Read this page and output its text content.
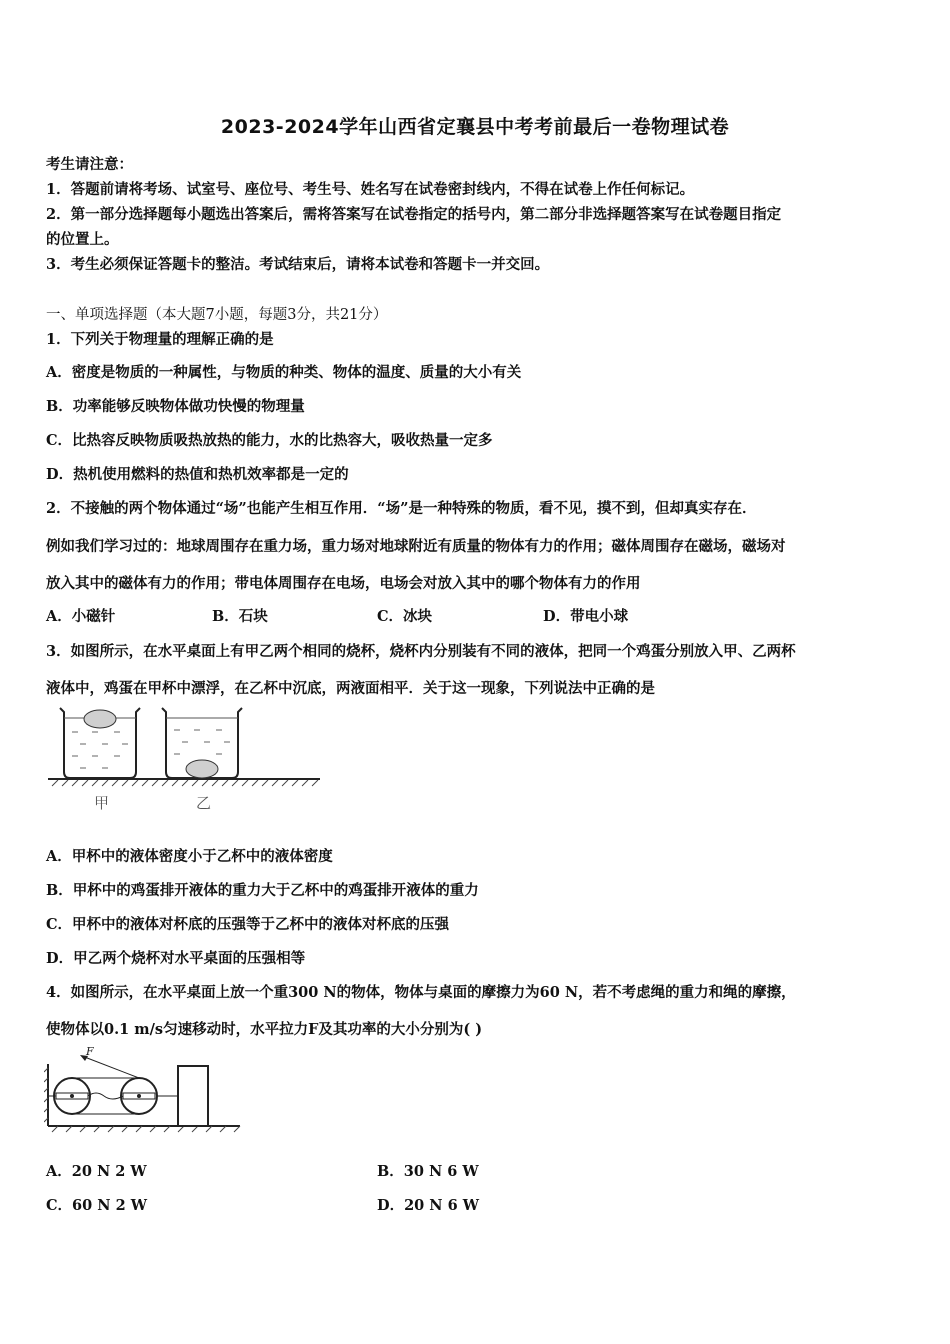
2023-2024学年山西省定襄县中考考前最后一卷物理试卷
考生请注意：
1．答题前请将考场、试室号、座位号、考生号、姓名写在试卷密封线内，不得在试卷上作任何标记。
2．第一部分选择题每小题选出答案后，需将答案写在试卷指定的括号内，第二部分非选择题答案写在试卷题目指定
的位置上。
3．考生必须保证答题卡的整洁。考试结束后，请将本试卷和答题卡一并交回。
一、单项选择题（本大题7小题，每题3分，共21分）
1．下列关于物理量的理解正确的是
A．密度是物质的一种属性，与物质的种类、物体的温度、质量的大小有关
B．功率能够反映物体做功快慢的物理量
C．比热容反映物质吸热放热的能力，水的比热容大，吸收热量一定多
D．热机使用燃料的热值和热机效率都是一定的
2．不接触的两个物体通过“场”也能产生相互作用．“场”是一种特殊的物质，看不见，摸不到，但却真实存在．
例如我们学习过的：地球周围存在重力场，重力场对地球附近有质量的物体有力的作用；磁体周围存在磁场，磁场对
放入其中的磁体有力的作用；带电体周围存在电场，电场会对放入其中的哪个物体有力的作用
A．小磁针	B．石块	C．冰块	D．带电小球
3．如图所示，在水平桌面上有甲乙两个相同的烧杯，烧杯内分别装有不同的液体，把同一个鸡蛋分别放入甲、乙两杯
液体中，鸡蛋在甲杯中漂浮，在乙杯中沉底，两液面相平．关于这一现象，下列说法中正确的是
甲	乙
A．甲杯中的液体密度小于乙杯中的液体密度
B．甲杯中的鸡蛋排开液体的重力大于乙杯中的鸡蛋排开液体的重力
C．甲杯中的液体对杯底的压强等于乙杯中的液体对杯底的压强
D．甲乙两个烧杯对水平桌面的压强相等
4．如图所示，在水平桌面上放一个重300 N的物体，物体与桌面的摩擦力为60 N，若不考虑绳的重力和绳的摩擦，
使物体以0.1 m/s匀速移动时，水平拉力F及其功率的大小分别为( )
F
A．20 N 2 W	B．30 N 6 W
C．60 N 2 W	D．20 N 6 W
